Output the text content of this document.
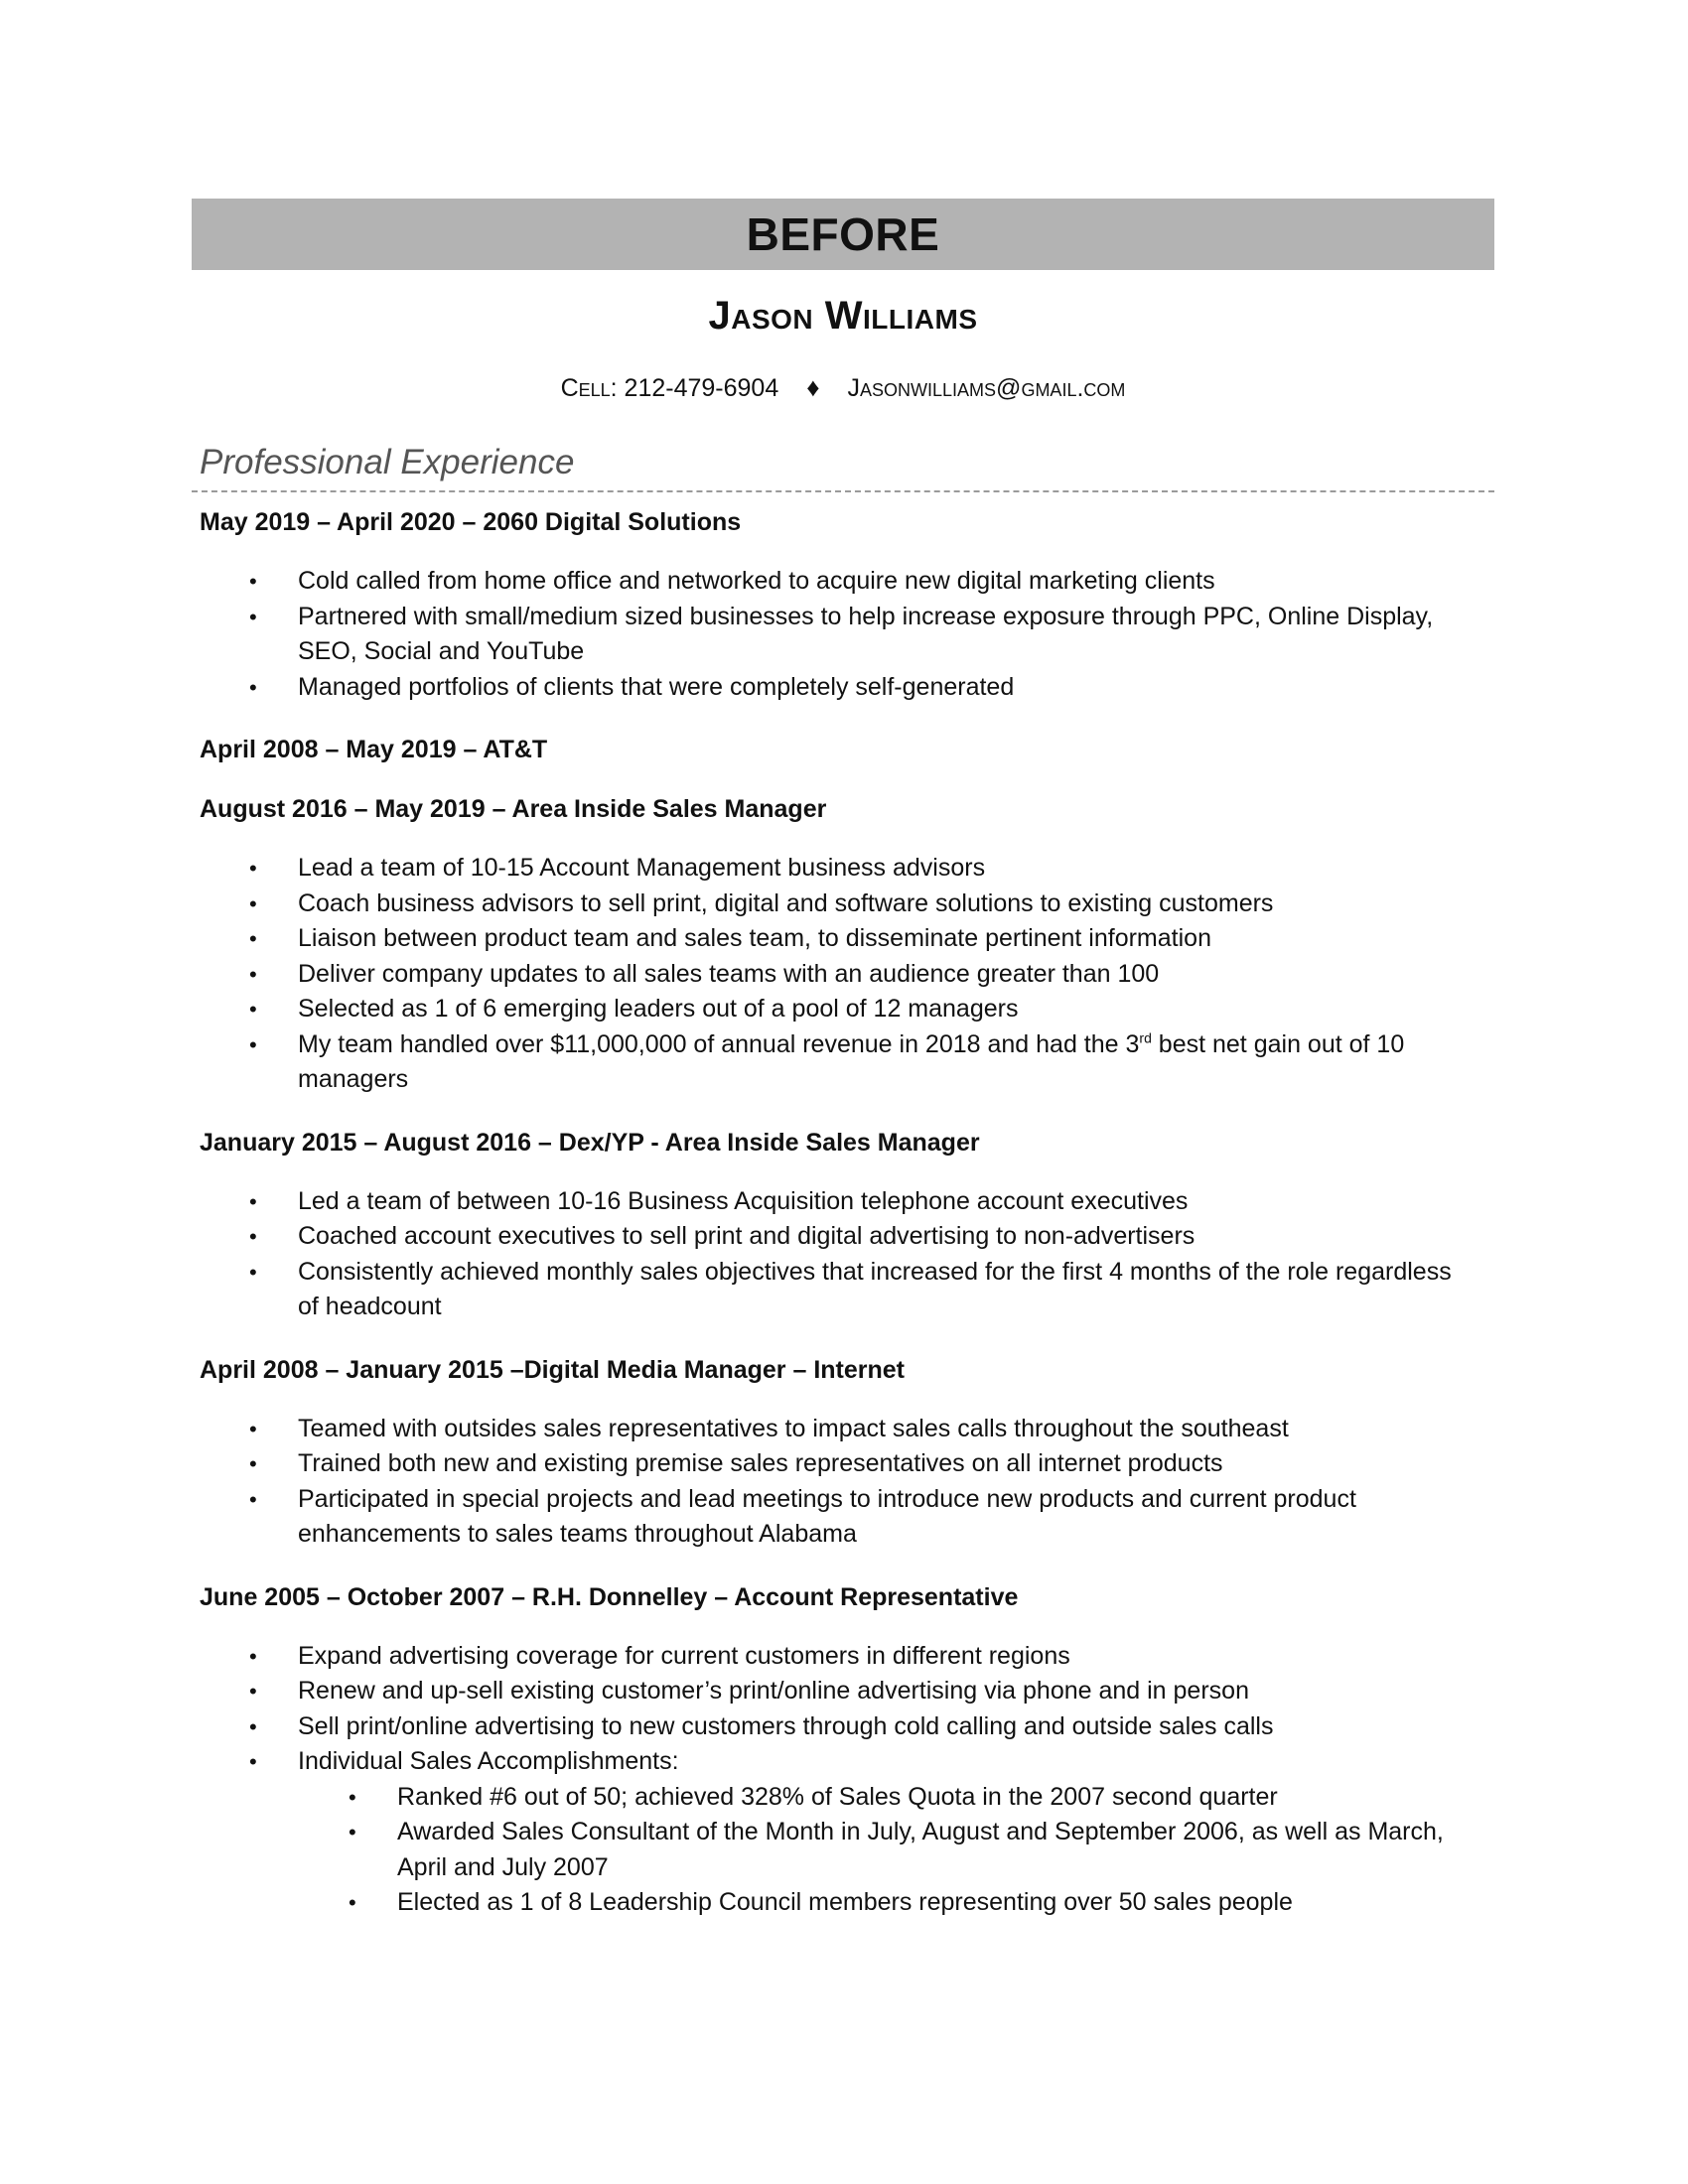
BEFORE
Jason Williams
Cell: 212-479-6904 ♦ Jasonwilliams@gmail.com
Professional Experience
May 2019 – April 2020 – 2060 Digital Solutions
• Cold called from home office and networked to acquire new digital marketing clients
• Partnered with small/medium sized businesses to help increase exposure through PPC, Online Display, SEO, Social and YouTube
• Managed portfolios of clients that were completely self-generated
April 2008 – May 2019 – AT&T
August 2016 – May 2019 – Area Inside Sales Manager
• Lead a team of 10-15 Account Management business advisors
• Coach business advisors to sell print, digital and software solutions to existing customers
• Liaison between product team and sales team, to disseminate pertinent information
• Deliver company updates to all sales teams with an audience greater than 100
• Selected as 1 of 6 emerging leaders out of a pool of 12 managers
• My team handled over $11,000,000 of annual revenue in 2018 and had the 3rd best net gain out of 10 managers
January 2015 – August 2016 – Dex/YP - Area Inside Sales Manager
• Led a team of between 10-16 Business Acquisition telephone account executives
• Coached account executives to sell print and digital advertising to non-advertisers
• Consistently achieved monthly sales objectives that increased for the first 4 months of the role regardless of headcount
April 2008 – January 2015 –Digital Media Manager – Internet
• Teamed with outsides sales representatives to impact sales calls throughout the southeast
• Trained both new and existing premise sales representatives on all internet products
• Participated in special projects and lead meetings to introduce new products and current product enhancements to sales teams throughout Alabama
June 2005 – October 2007 – R.H. Donnelley – Account Representative
• Expand advertising coverage for current customers in different regions
• Renew and up-sell existing customer’s print/online advertising via phone and in person
• Sell print/online advertising to new customers through cold calling and outside sales calls
• Individual Sales Accomplishments:
• Ranked #6 out of 50; achieved 328% of Sales Quota in the 2007 second quarter
• Awarded Sales Consultant of the Month in July, August and September 2006, as well as March, April and July 2007
• Elected as 1 of 8 Leadership Council members representing over 50 sales people
